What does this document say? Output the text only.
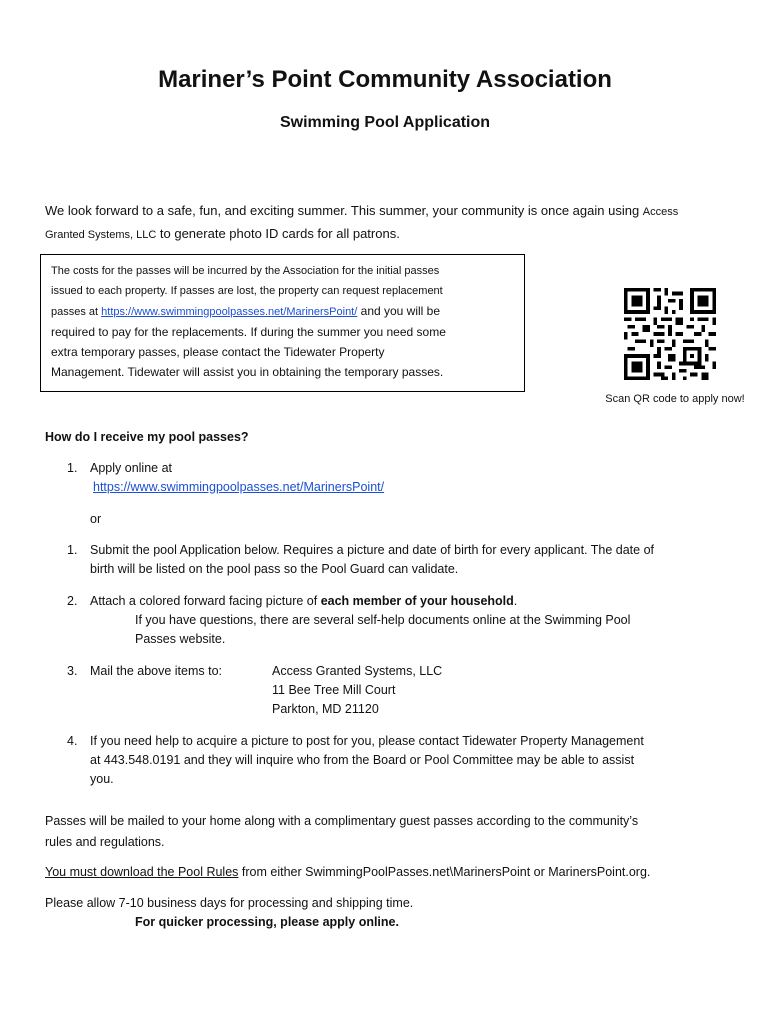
Mariner’s Point Community Association
Swimming Pool Application
We look forward to a safe, fun, and exciting summer. This summer, your community is once again using Access
Granted Systems, LLC to generate photo ID cards for all patrons.
The costs for the passes will be incurred by the Association for the initial passes
issued to each property. If passes are lost, the property can request replacement
passes at https://www.swimmingpoolpasses.net/MarinersPoint/ and you will be
required to pay for the replacements. If during the summer you need some
extra temporary passes, please contact the Tidewater Property
Management. Tidewater will assist you in obtaining the temporary passes.
Scan QR code to apply now!
How do I receive my pool passes?
1. Apply online at
https://www.swimmingpoolpasses.net/MarinersPoint/
or
1. Submit the pool Application below. Requires a picture and date of birth for every applicant. The date of
birth will be listed on the pool pass so the Pool Guard can validate.
2. Attach a colored forward facing picture of each member of your household.
If you have questions, there are several self-help documents online at the Swimming Pool
Passes website.
3. Mail the above items to:	Access Granted Systems, LLC
11 Bee Tree Mill Court
Parkton, MD 21120
4. If you need help to acquire a picture to post for you, please contact Tidewater Property Management
at 443.548.0191 and they will inquire who from the Board or Pool Committee may be able to assist
you.
Passes will be mailed to your home along with a complimentary guest passes according to the community’s
rules and regulations.
You must download the Pool Rules from either SwimmingPoolPasses.net\MarinersPoint or MarinersPoint.org.
Please allow 7-10 business days for processing and shipping time.
For quicker processing, please apply online.
